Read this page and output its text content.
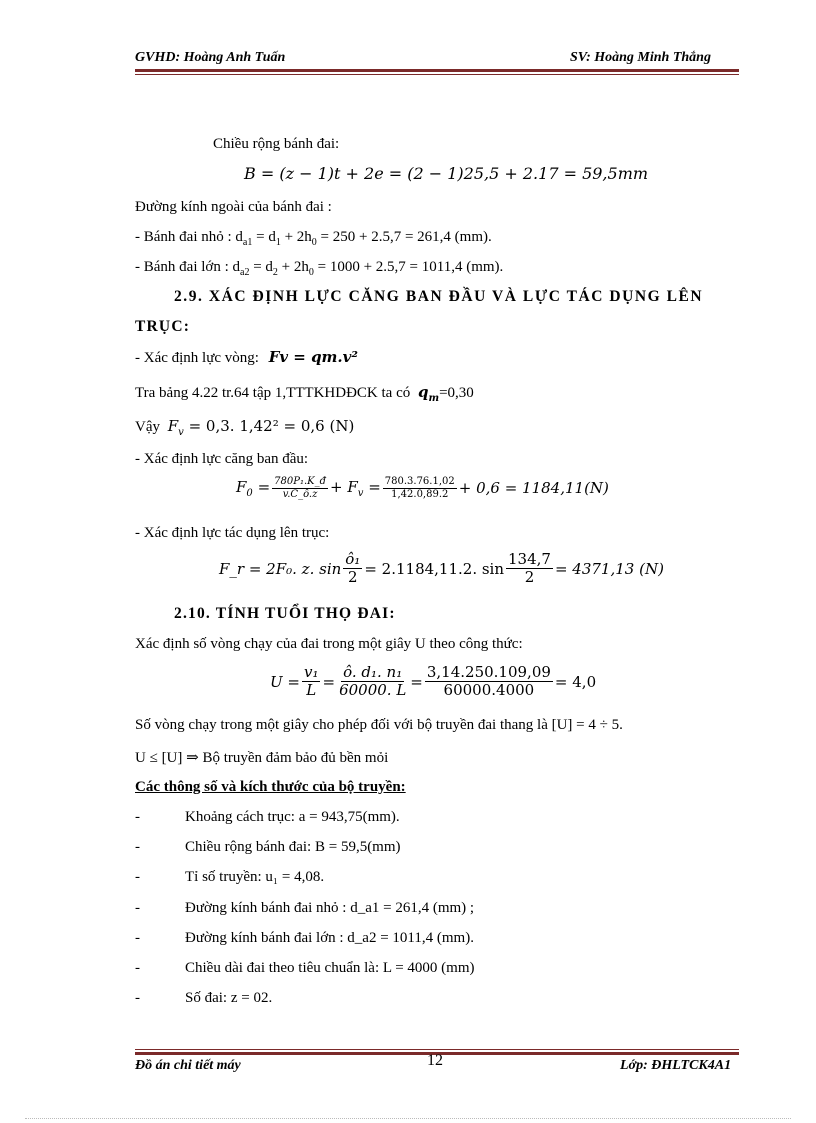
GVHD: Hoàng Anh Tuấn	SV: Hoàng Minh Thắng
Chiều rộng bánh đai:
B = (z − 1)t + 2e = (2 − 1)25,5 + 2.17 = 59,5mm
Đường kính ngoài của bánh đai :
- Bánh đai nhỏ : $d_{a1} = d_1 + 2h_0 = 250 + 2.5,7 = 261,4$ (mm).
- Bánh đai lớn : $d_{a2} = d_2 + 2h_0 = 1000 + 2.5,7 = 1011,4$ (mm).
2.9. XÁC ĐỊNH LỰC CĂNG BAN ĐẦU VÀ LỰC TÁC DỤNG LÊN
TRỤC:
- Xác định lực vòng: Fv = qm.v²
Tra bảng 4.22 tr.64 tập 1,TTTKHDĐCK ta có $q_m=0,30$
Vậy $F_v = 0,3$. 1,42² = 0,6 (N)
- Xác định lực căng ban đầu:
$F_0 = \frac{\text{780P₁.K\_đ}}{v.C\_ô.z} + F_v = \frac{780.3.76.1,02}{1,42.0,89.2} + 0,6 = 1184,11(N)$
- Xác định lực tác dụng lên trục:
F_r = 2F₀. z. $\sin \frac{\text{ô₁}}{2} = 2.1184,11.2$. $\sin \frac{134,7}{2} = 4371,13$ (N)
2.10. TÍNH TUỔI THỌ ĐAI:
Xác định số vòng chạy của đai trong một giây U theo công thức:
$U = \frac{\text{v₁}}{L} = \frac{\text{ô. d₁. n₁}}{60000. L} = \frac{3,14.250.109,09}{60000.4000} = 4,0$
Số vòng chạy trong một giây cho phép đối với bộ truyền đai thang là [U] = 4 ÷ 5.
U ≤ [U] ⇒ Bộ truyền đảm bảo đủ bền mỏi
Các thông số và kích thước của bộ truyền:
-	Khoảng cách trục: a = 943,75(mm).
-	Chiều rộng bánh đai: B = 59,5(mm)
-	Tỉ số truyền: u₁ = 4,08.
-	Đường kính bánh đai nhỏ : d_a1 = 261,4 (mm) ;
-	Đường kính bánh đai lớn : d_a2 = 1011,4 (mm).
-	Chiều dài đai theo tiêu chuẩn là: L = 4000 (mm)
-	Số đai: z = 02.
Đồ án chi tiết máy	12	Lớp: ĐHLTCK4A1
